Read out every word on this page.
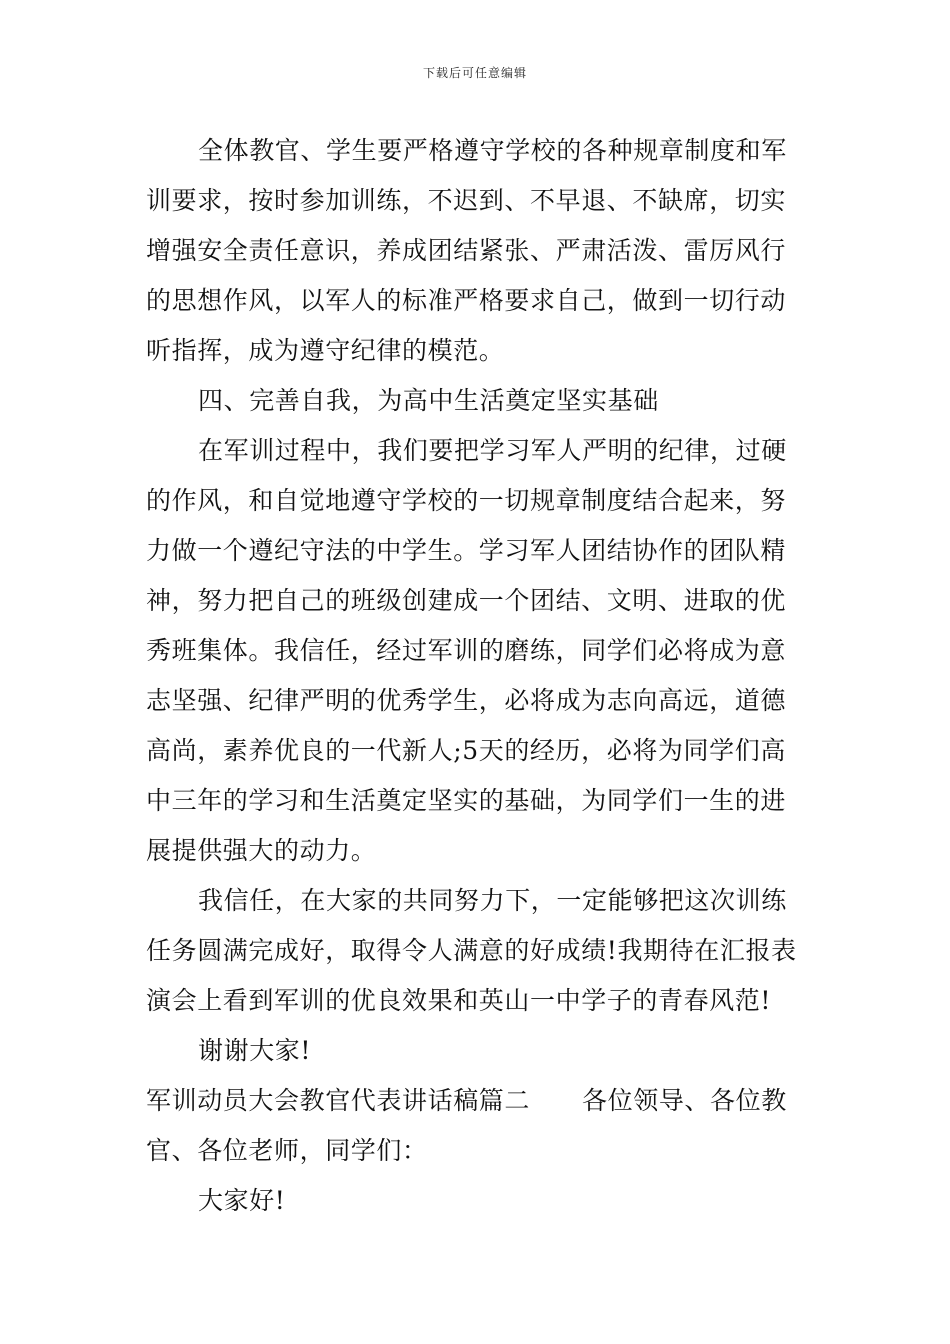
下载后可任意编辑

全体教官、学生要严格遵守学校的各种规章制度和军训要求，按时参加训练，不迟到、不早退、不缺席，切实增强安全责任意识，养成团结紧张、严肃活泼、雷厉风行的思想作风，以军人的标准严格要求自己，做到一切行动听指挥，成为遵守纪律的模范。

四、完善自我，为高中生活奠定坚实基础

在军训过程中，我们要把学习军人严明的纪律，过硬的作风，和自觉地遵守学校的一切规章制度结合起来，努力做一个遵纪守法的中学生。学习军人团结协作的团队精神，努力把自己的班级创建成一个团结、文明、进取的优秀班集体。我信任，经过军训的磨练，同学们必将成为意志坚强、纪律严明的优秀学生，必将成为志向高远，道德高尚，素养优良的一代新人;5天的经历，必将为同学们高中三年的学习和生活奠定坚实的基础，为同学们一生的进展提供强大的动力。

我信任，在大家的共同努力下，一定能够把这次训练任务圆满完成好，取得令人满意的好成绩!我期待在汇报表演会上看到军训的优良效果和英山一中学子的青春风范!

谢谢大家!

军训动员大会教官代表讲话稿篇二 各位领导、各位教官、各位老师，同学们：

大家好!
